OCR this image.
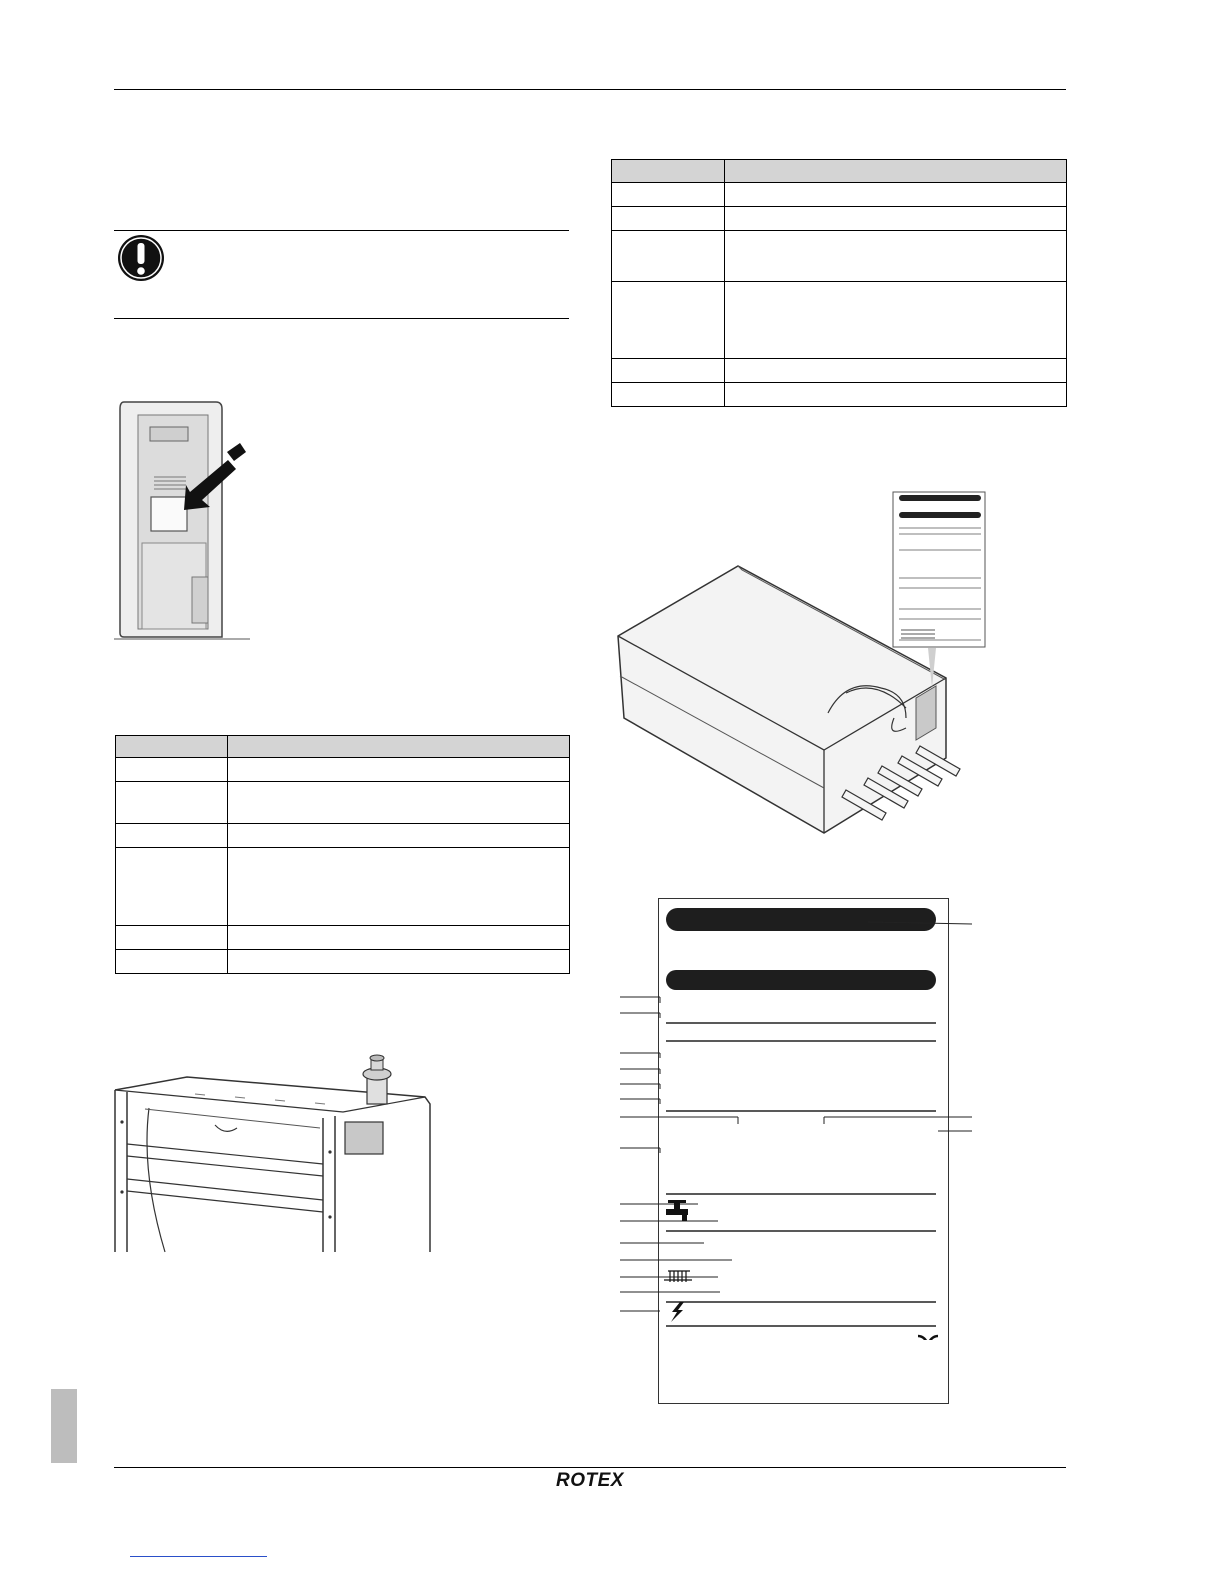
ROTEX
